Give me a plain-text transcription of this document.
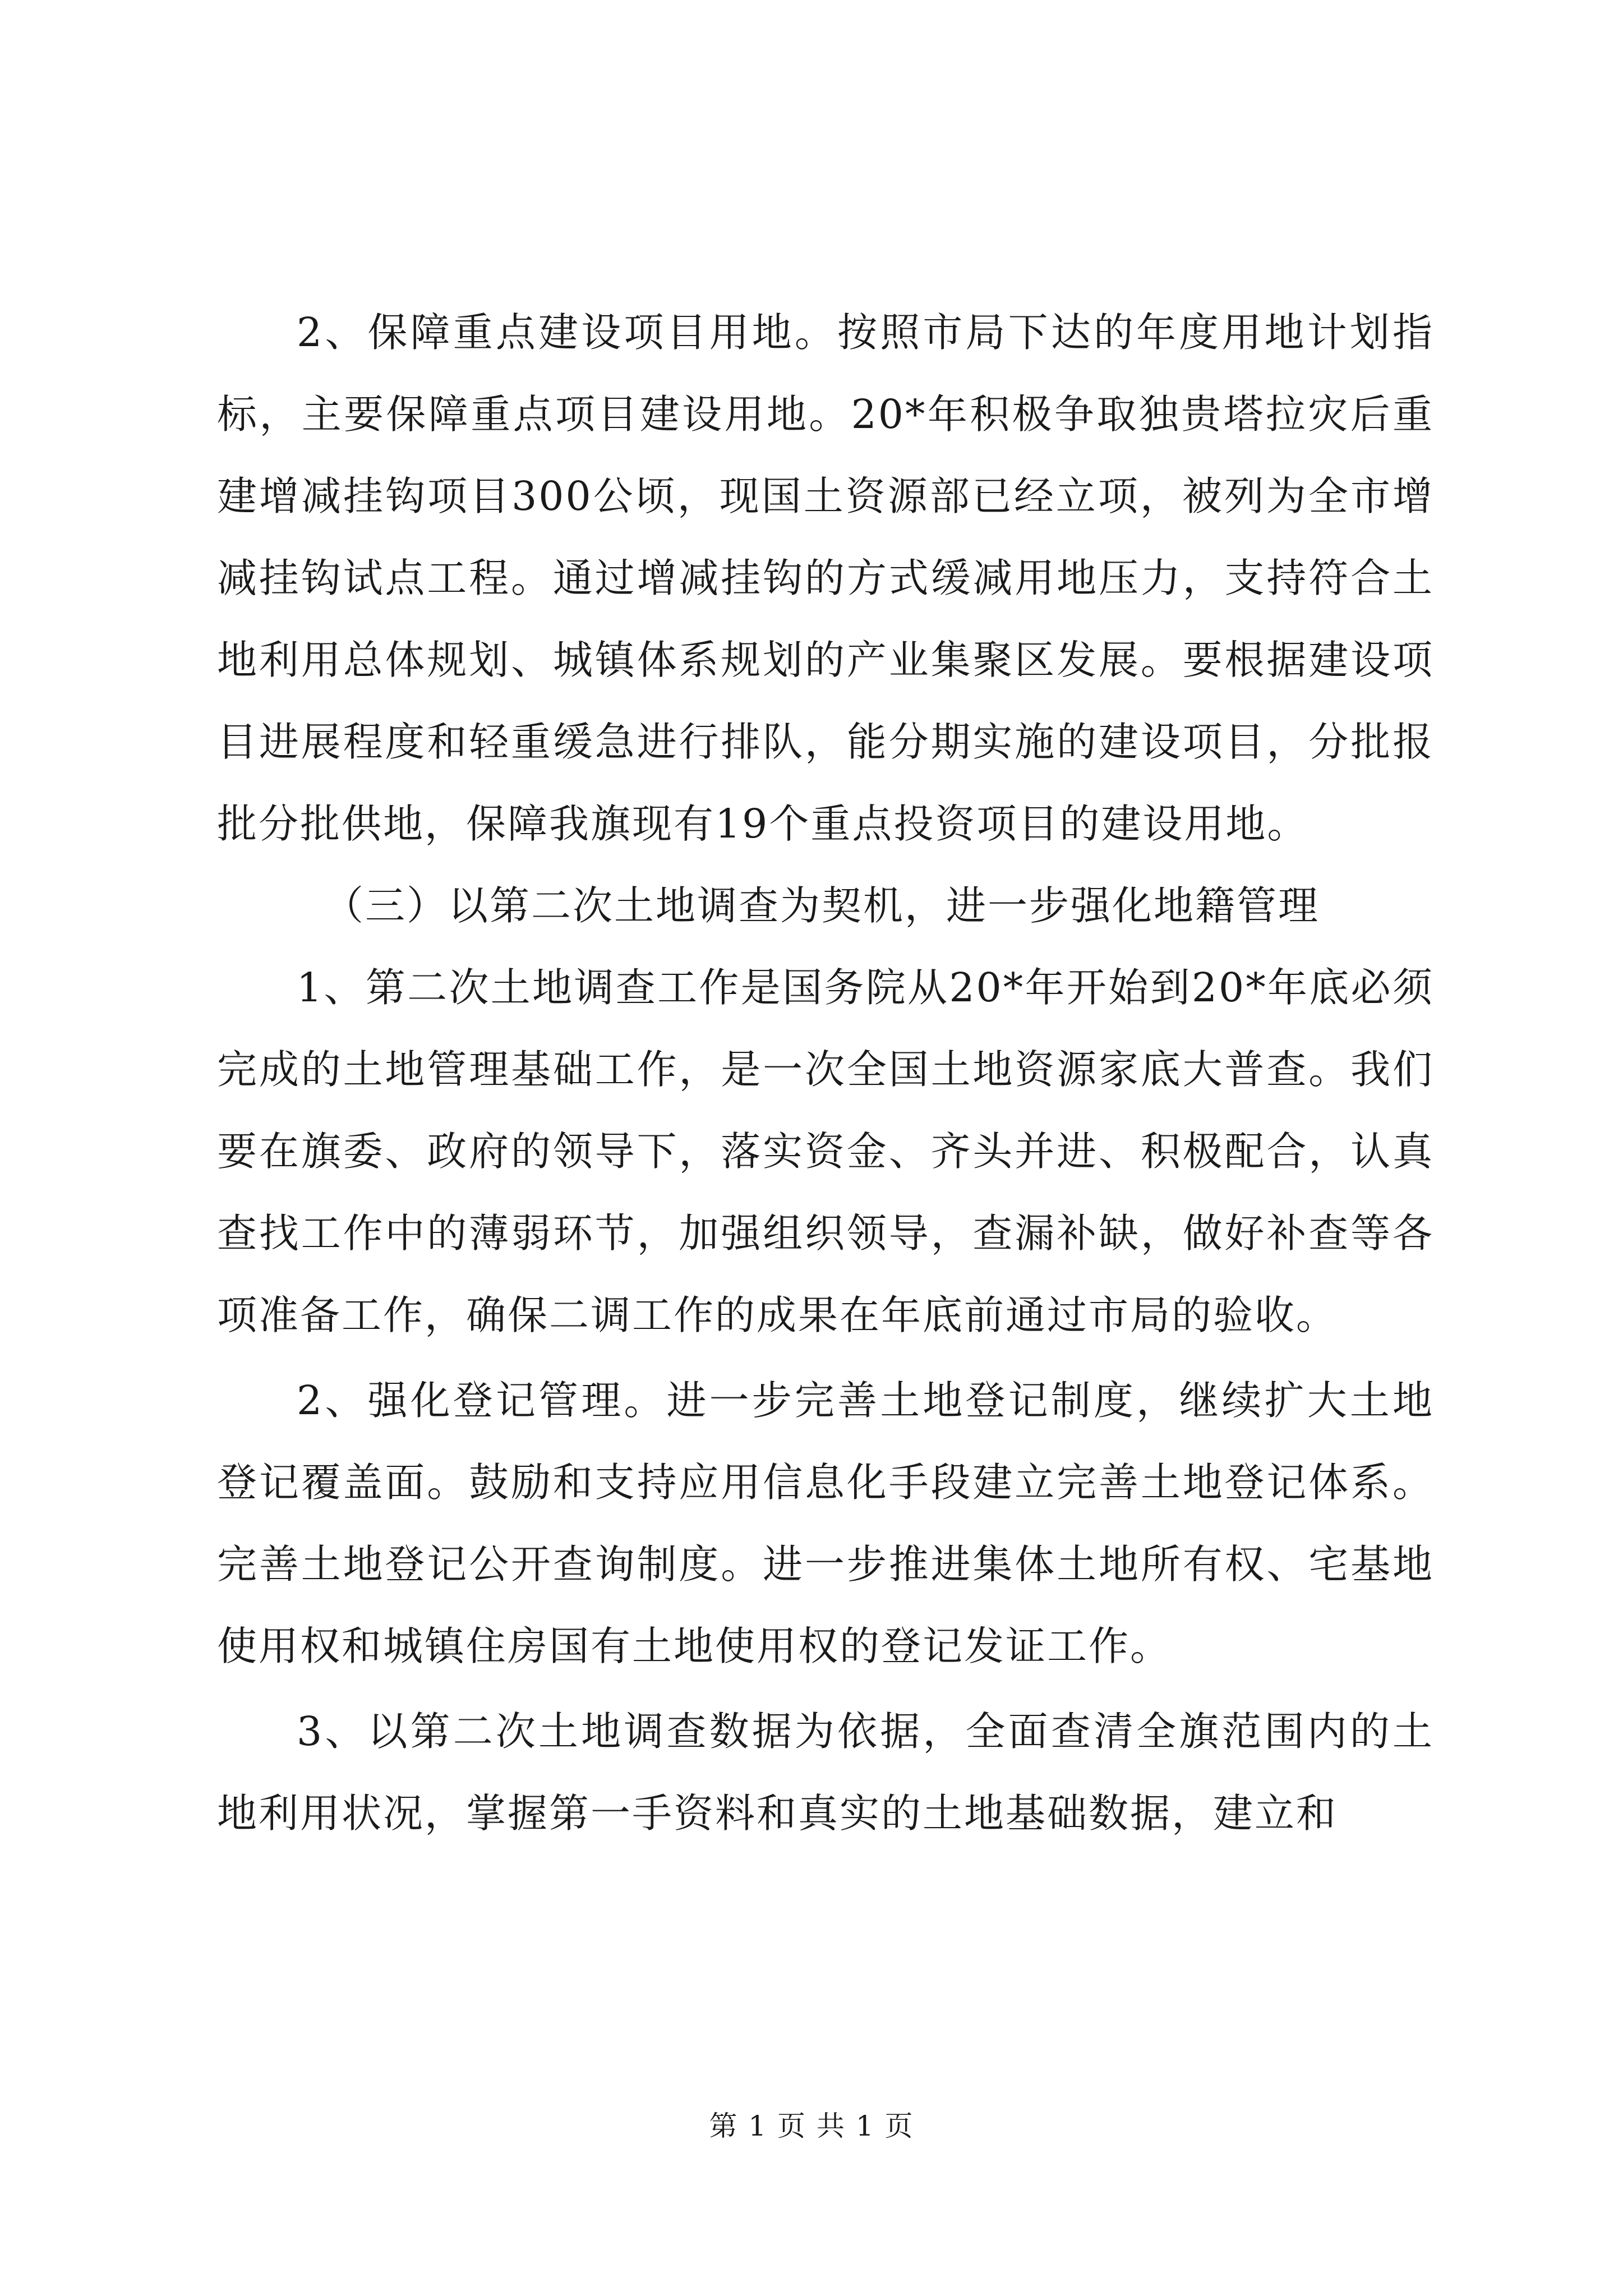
2、保障重点建设项目用地。按照市局下达的年度用地计划指标，主要保障重点项目建设用地。20*年积极争取独贵塔拉灾后重建增减挂钩项目300公顷，现国土资源部已经立项，被列为全市增减挂钩试点工程。通过增减挂钩的方式缓减用地压力，支持符合土地利用总体规划、城镇体系规划的产业集聚区发展。要根据建设项目进展程度和轻重缓急进行排队，能分期实施的建设项目，分批报批分批供地，保障我旗现有19个重点投资项目的建设用地。

（三）以第二次土地调查为契机，进一步强化地籍管理

1、第二次土地调查工作是国务院从20*年开始到20*年底必须完成的土地管理基础工作，是一次全国土地资源家底大普查。我们要在旗委、政府的领导下，落实资金、齐头并进、积极配合，认真查找工作中的薄弱环节，加强组织领导，查漏补缺，做好补查等各项准备工作，确保二调工作的成果在年底前通过市局的验收。

2、强化登记管理。进一步完善土地登记制度，继续扩大土地登记覆盖面。鼓励和支持应用信息化手段建立完善土地登记体系。完善土地登记公开查询制度。进一步推进集体土地所有权、宅基地使用权和城镇住房国有土地使用权的登记发证工作。

3、以第二次土地调查数据为依据，全面查清全旗范围内的土地利用状况，掌握第一手资料和真实的土地基础数据，建立和

第 1 页 共 1 页
